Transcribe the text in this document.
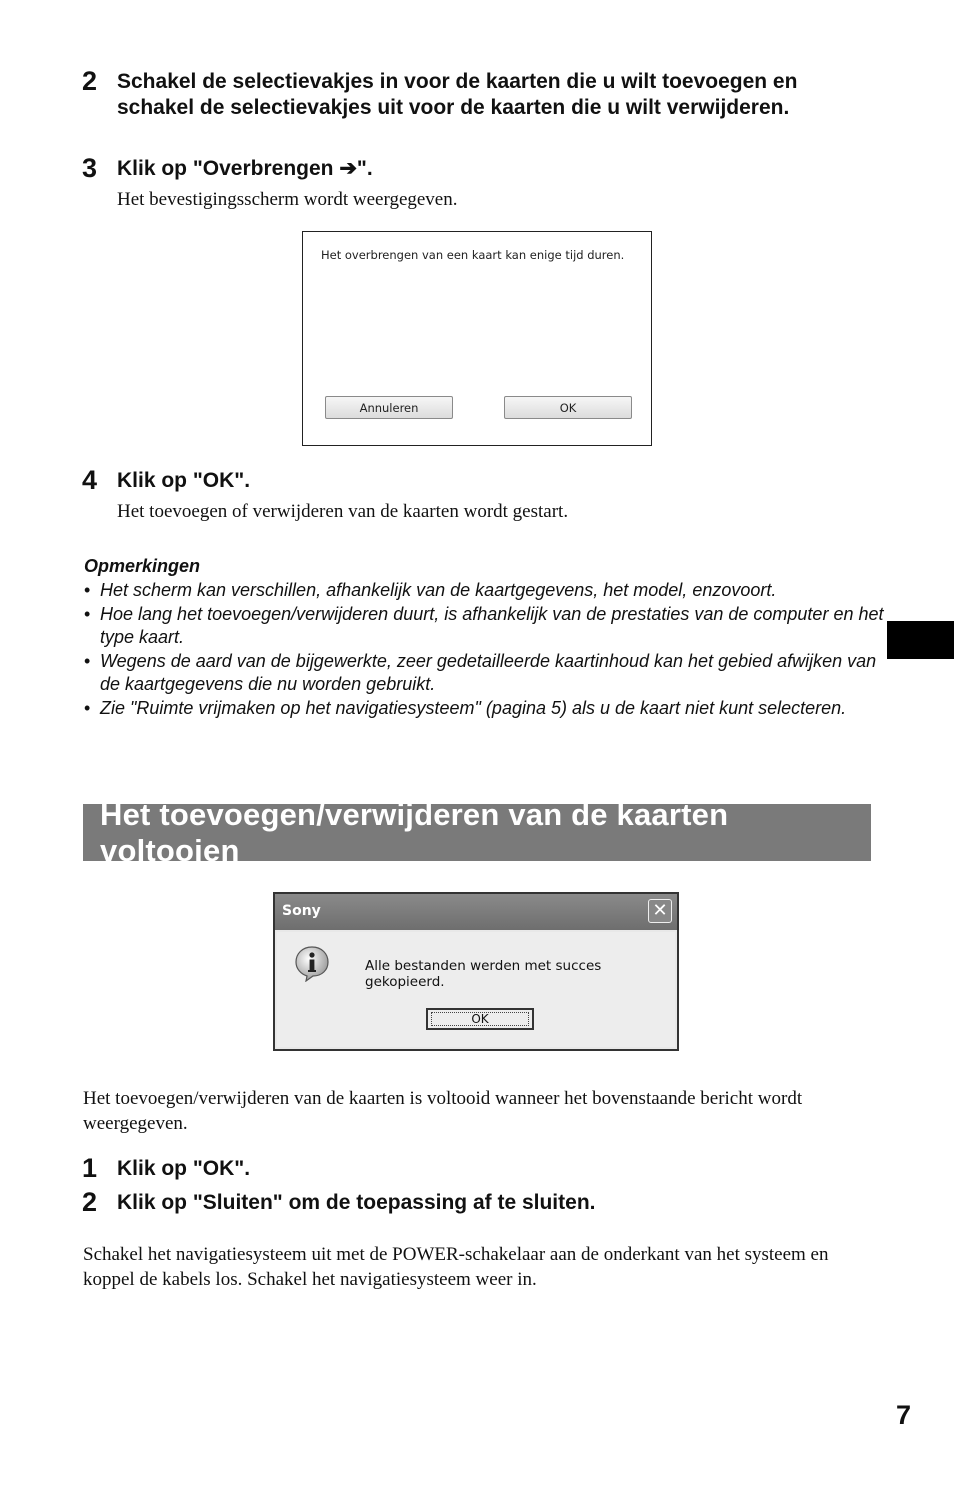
2 Schakel de selectievakjes in voor de kaarten die u wilt toevoegen en schakel de selectievakjes uit voor de kaarten die u wilt verwijderen.
3 Klik op "Overbrengen ➔".
Het bevestigingsscherm wordt weergegeven.
Het overbrengen van een kaart kan enige tijd duren.
Annuleren	OK
4 Klik op "OK".
Het toevoegen of verwijderen van de kaarten wordt gestart.
Opmerkingen
• Het scherm kan verschillen, afhankelijk van de kaartgegevens, het model, enzovoort.
• Hoe lang het toevoegen/verwijderen duurt, is afhankelijk van de prestaties van de computer en het type kaart.
• Wegens de aard van de bijgewerkte, zeer gedetailleerde kaartinhoud kan het gebied afwijken van de kaartgegevens die nu worden gebruikt.
• Zie "Ruimte vrijmaken op het navigatiesysteem" (pagina 5) als u de kaart niet kunt selecteren.
Het toevoegen/verwijderen van de kaarten voltooien
Sony	✕
Alle bestanden werden met succes gekopieerd.
OK
Het toevoegen/verwijderen van de kaarten is voltooid wanneer het bovenstaande bericht wordt weergegeven.
1 Klik op "OK".
2 Klik op "Sluiten" om de toepassing af te sluiten.
Schakel het navigatiesysteem uit met de POWER-schakelaar aan de onderkant van het systeem en koppel de kabels los. Schakel het navigatiesysteem weer in.
7
